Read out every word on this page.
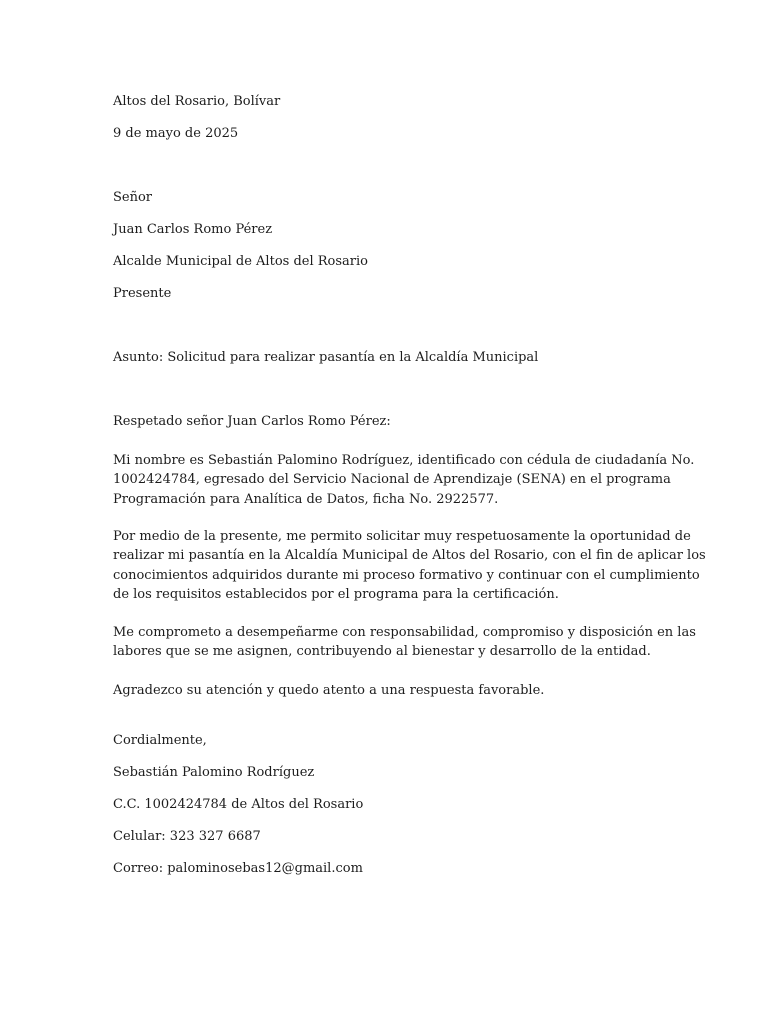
Altos del Rosario, Bolívar
9 de mayo de 2025
Señor
Juan Carlos Romo Pérez
Alcalde Municipal de Altos del Rosario
Presente
Asunto: Solicitud para realizar pasantía en la Alcaldía Municipal
Respetado señor Juan Carlos Romo Pérez:
Mi nombre es Sebastián Palomino Rodríguez, identificado con cédula de ciudadanía No.
1002424784, egresado del Servicio Nacional de Aprendizaje (SENA) en el programa
Programación para Analítica de Datos, ficha No. 2922577.
Por medio de la presente, me permito solicitar muy respetuosamente la oportunidad de
realizar mi pasantía en la Alcaldía Municipal de Altos del Rosario, con el fin de aplicar los
conocimientos adquiridos durante mi proceso formativo y continuar con el cumplimiento
de los requisitos establecidos por el programa para la certificación.
Me comprometo a desempeñarme con responsabilidad, compromiso y disposición en las
labores que se me asignen, contribuyendo al bienestar y desarrollo de la entidad.
Agradezco su atención y quedo atento a una respuesta favorable.
Cordialmente,
Sebastián Palomino Rodríguez
C.C. 1002424784 de Altos del Rosario
Celular: 323 327 6687
Correo: palominosebas12@gmail.com
